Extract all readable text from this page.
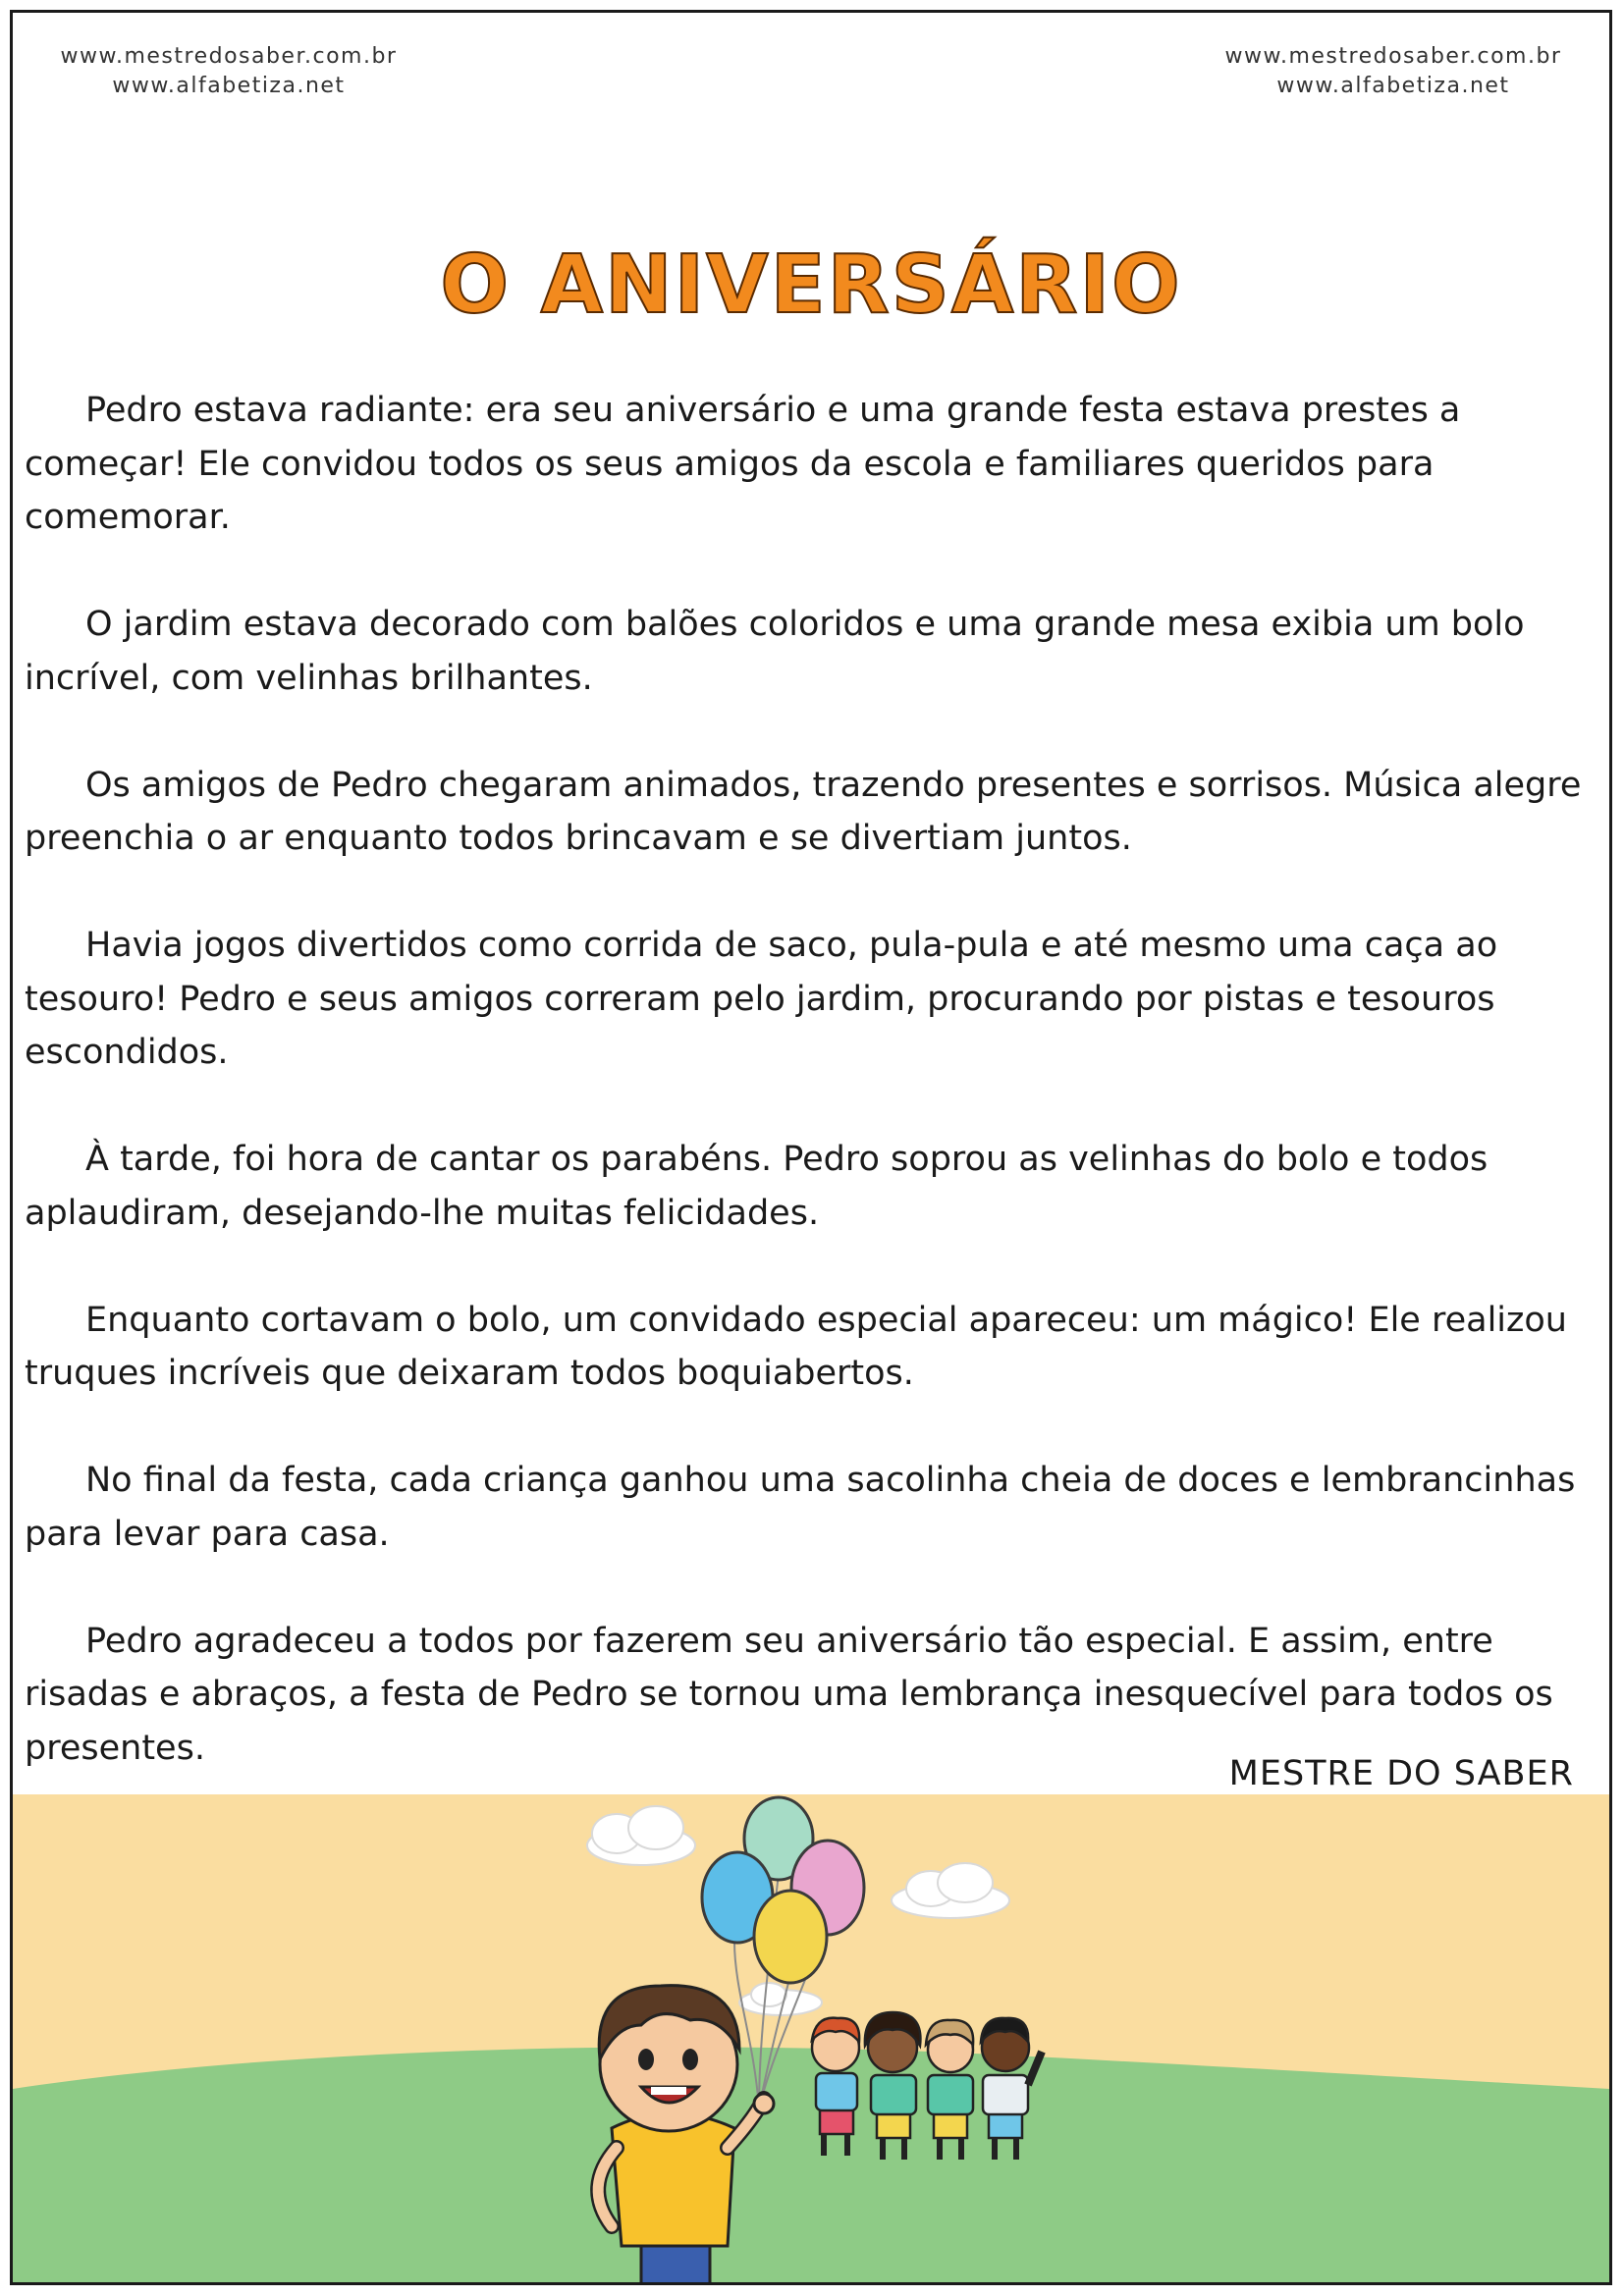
www.mestredosaber.com.br
www.alfabetiza.net
www.mestredosaber.com.br
www.alfabetiza.net
O ANIVERSÁRIO

Pedro estava radiante: era seu aniversário e uma grande festa estava prestes a começar! Ele convidou todos os seus amigos da escola e familiares queridos para comemorar.

O jardim estava decorado com balões coloridos e uma grande mesa exibia um bolo incrível, com velinhas brilhantes.

Os amigos de Pedro chegaram animados, trazendo presentes e sorrisos. Música alegre preenchia o ar enquanto todos brincavam e se divertiam juntos.

Havia jogos divertidos como corrida de saco, pula-pula e até mesmo uma caça ao tesouro! Pedro e seus amigos correram pelo jardim, procurando por pistas e tesouros escondidos.

À tarde, foi hora de cantar os parabéns. Pedro soprou as velinhas do bolo e todos aplaudiram, desejando-lhe muitas felicidades.

Enquanto cortavam o bolo, um convidado especial apareceu: um mágico! Ele realizou truques incríveis que deixaram todos boquiabertos.

No final da festa, cada criança ganhou uma sacolinha cheia de doces e lembrancinhas para levar para casa.

Pedro agradeceu a todos por fazerem seu aniversário tão especial. E assim, entre risadas e abraços, a festa de Pedro se tornou uma lembrança inesquecível para todos os presentes.

MESTRE DO SABER
